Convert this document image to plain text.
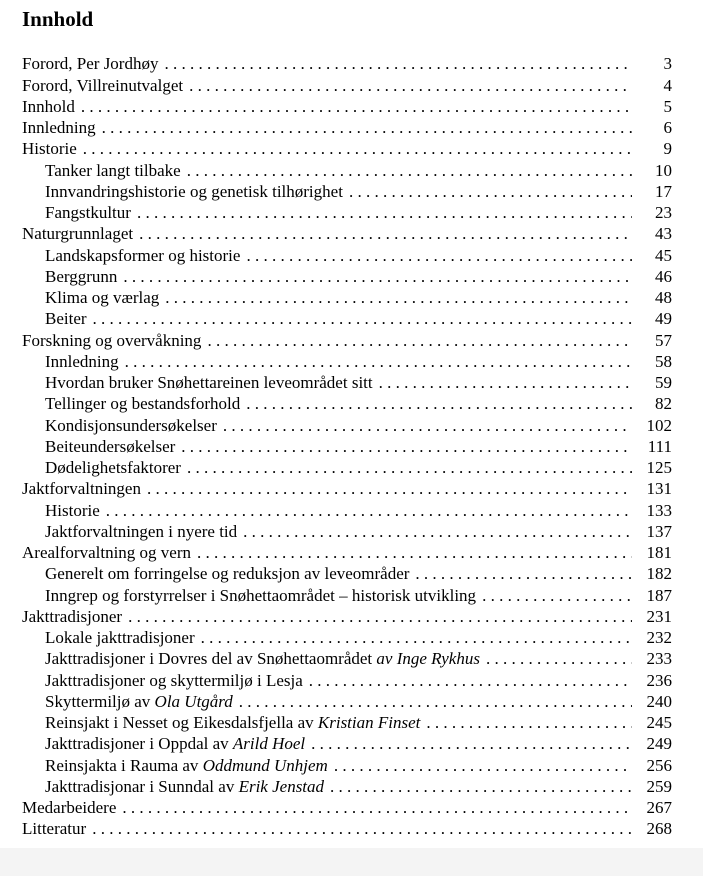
Innhold
Forord, Per Jordhøy . . .	3
Forord, Villreinutvalget . . .	4
Innhold . . .	5
Innledning . . .	6
Historie . . .	9
Tanker langt tilbake . . .	10
Innvandringshistorie og genetisk tilhørighet . . .	17
Fangstkultur . . .	23
Naturgrunnlaget . . .	43
Landskapsformer og historie . . .	45
Berggrunn . . .	46
Klima og værlag . . .	48
Beiter . . .	49
Forskning og overvåkning . . .	57
Innledning . . .	58
Hvordan bruker Snøhettareinen leveområdet sitt . . .	59
Tellinger og bestandsforhold . . .	82
Kondisjonsundersøkelser . . .	102
Beiteundersøkelser . . .	111
Dødelighetsfaktorer . . .	125
Jaktforvaltningen . . .	131
Historie . . .	133
Jaktforvaltningen i nyere tid . . .	137
Arealforvaltning og vern . . .	181
Generelt om forringelse og reduksjon av leveområder . . .	182
Inngrep og forstyrrelser i Snøhettaområdet – historisk utvikling . . .	187
Jakttradisjoner . . .	231
Lokale jakttradisjoner . . .	232
Jakttradisjoner i Dovres del av Snøhettaområdet av Inge Rykhus . . .	233
Jakttradisjoner og skyttermiljø i Lesja . . .	236
Skyttermiljø av Ola Utgård . . .	240
Reinsjakt i Nesset og Eikesdalsfjella av Kristian Finset . . .	245
Jakttradisjoner i Oppdal av Arild Hoel . . .	249
Reinsjakta i Rauma av Oddmund Unhjem . . .	256
Jakttradisjonar i Sunndal av Erik Jenstad . . .	259
Medarbeidere . . .	267
Litteratur . . .	268
